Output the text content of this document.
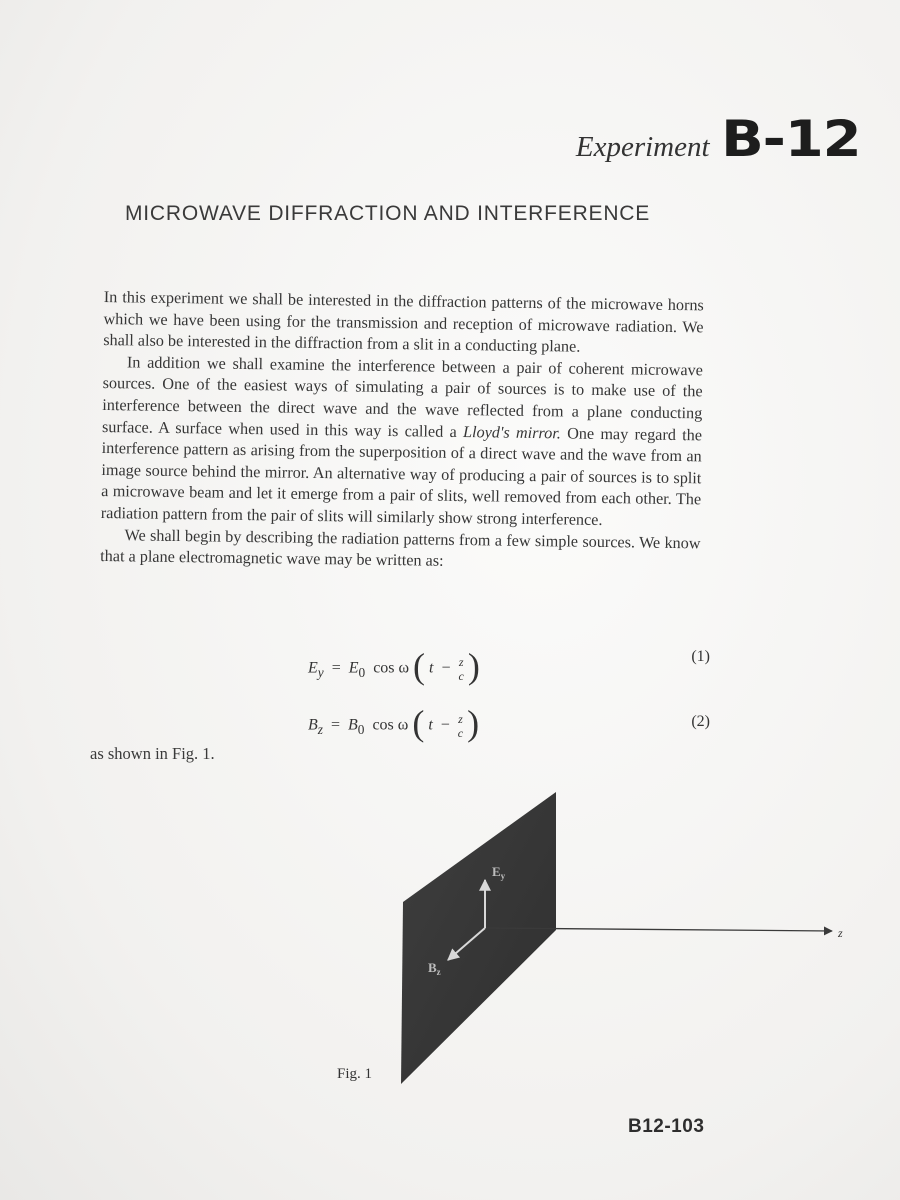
Experiment B-12
MICROWAVE DIFFRACTION AND INTERFERENCE

In this experiment we shall be interested in the diffraction patterns of the microwave horns which we have been using for the transmission and reception of microwave radiation. We shall also be interested in the diffraction from a slit in a conducting plane.

In addition we shall examine the interference between a pair of coherent microwave sources. One of the easiest ways of simulating a pair of sources is to make use of the interference between the direct wave and the wave reflected from a plane conducting surface. A surface when used in this way is called a Lloyd's mirror. One may regard the interference pattern as arising from the superposition of a direct wave and the wave from an image source behind the mirror. An alternative way of producing a pair of sources is to split a microwave beam and let it emerge from a pair of slits, well removed from each other. The radiation pattern from the pair of slits will similarly show strong interference.

We shall begin by describing the radiation patterns from a few simple sources. We know that a plane electromagnetic wave may be written as:

$E_y = E_0$ cos ω ( t − z
c )	(1)
$B_z = B_0$ cos ω ( t − z
c )	(2)
as shown in Fig. 1.
$E_y$
$B_z$
z
Fig. 1
B12-103
